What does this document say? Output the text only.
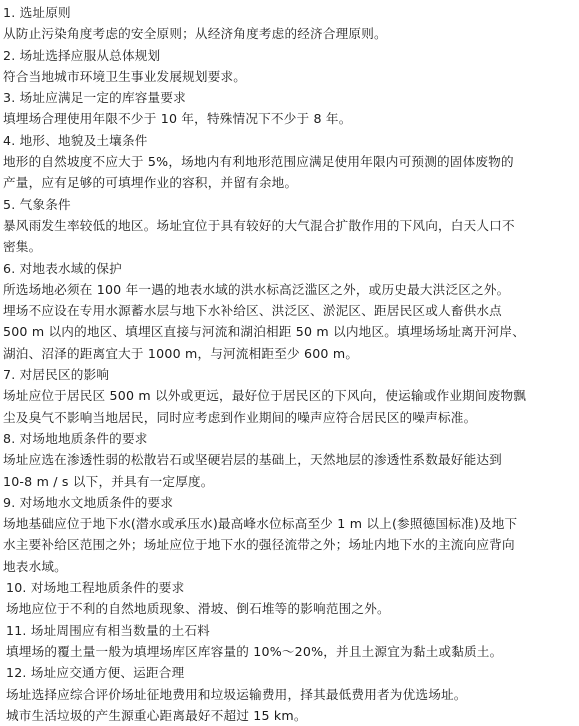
1. 选址原则
从防止污染角度考虑的安全原则；从经济角度考虑的经济合理原则。
2. 场址选择应服从总体规划
符合当地城市环境卫生事业发展规划要求。
3. 场址应满足一定的库容量要求
填埋场合理使用年限不少于 10 年，特殊情况下不少于 8 年。
4. 地形、地貌及土壤条件
地形的自然坡度不应大于 5%，场地内有利地形范围应满足使用年限内可预测的固体废物的
产量，应有足够的可填埋作业的容积，并留有余地。
5. 气象条件
暴风雨发生率较低的地区。场址宜位于具有较好的大气混合扩散作用的下风向，白天人口不
密集。
6. 对地表水域的保护
所选场地必须在 100 年一遇的地表水域的洪水标高泛滥区之外，或历史最大洪泛区之外。
埋场不应设在专用水源蓄水层与地下水补给区、洪泛区、淤泥区、距居民区或人畜供水点
500 m 以内的地区、填埋区直接与河流和湖泊相距 50 m 以内地区。填埋场场址离开河岸、
湖泊、沼泽的距离宜大于 1000 m，与河流相距至少 600 m。
7. 对居民区的影响
场址应位于居民区 500 m 以外或更远，最好位于居民区的下风向，使运输或作业期间废物飘
尘及臭气不影响当地居民，同时应考虑到作业期间的噪声应符合居民区的噪声标准。
8. 对场地地质条件的要求
场址应选在渗透性弱的松散岩石或坚硬岩层的基础上，天然地层的渗透性系数最好能达到
10-8 m / s 以下，并具有一定厚度。
9. 对场地水文地质条件的要求
场地基础应位于地下水(潜水或承压水)最高峰水位标高至少 1 m 以上(参照德国标准)及地下
水主要补给区范围之外；场址应位于地下水的强径流带之外；场址内地下水的主流向应背向
地表水域。
10. 对场地工程地质条件的要求
场地应位于不利的自然地质现象、滑坡、倒石堆等的影响范围之外。
11. 场址周围应有相当数量的土石料
填埋场的覆土量一般为填埋场库区库容量的 10%～20%，并且土源宜为黏土或黏质土。
12. 场址应交通方便、运距合理
场址选择应综合评价场址征地费用和垃圾运输费用，择其最低费用者为优选场址。
城市生活垃圾的产生源重心距离最好不超过 15 km。
